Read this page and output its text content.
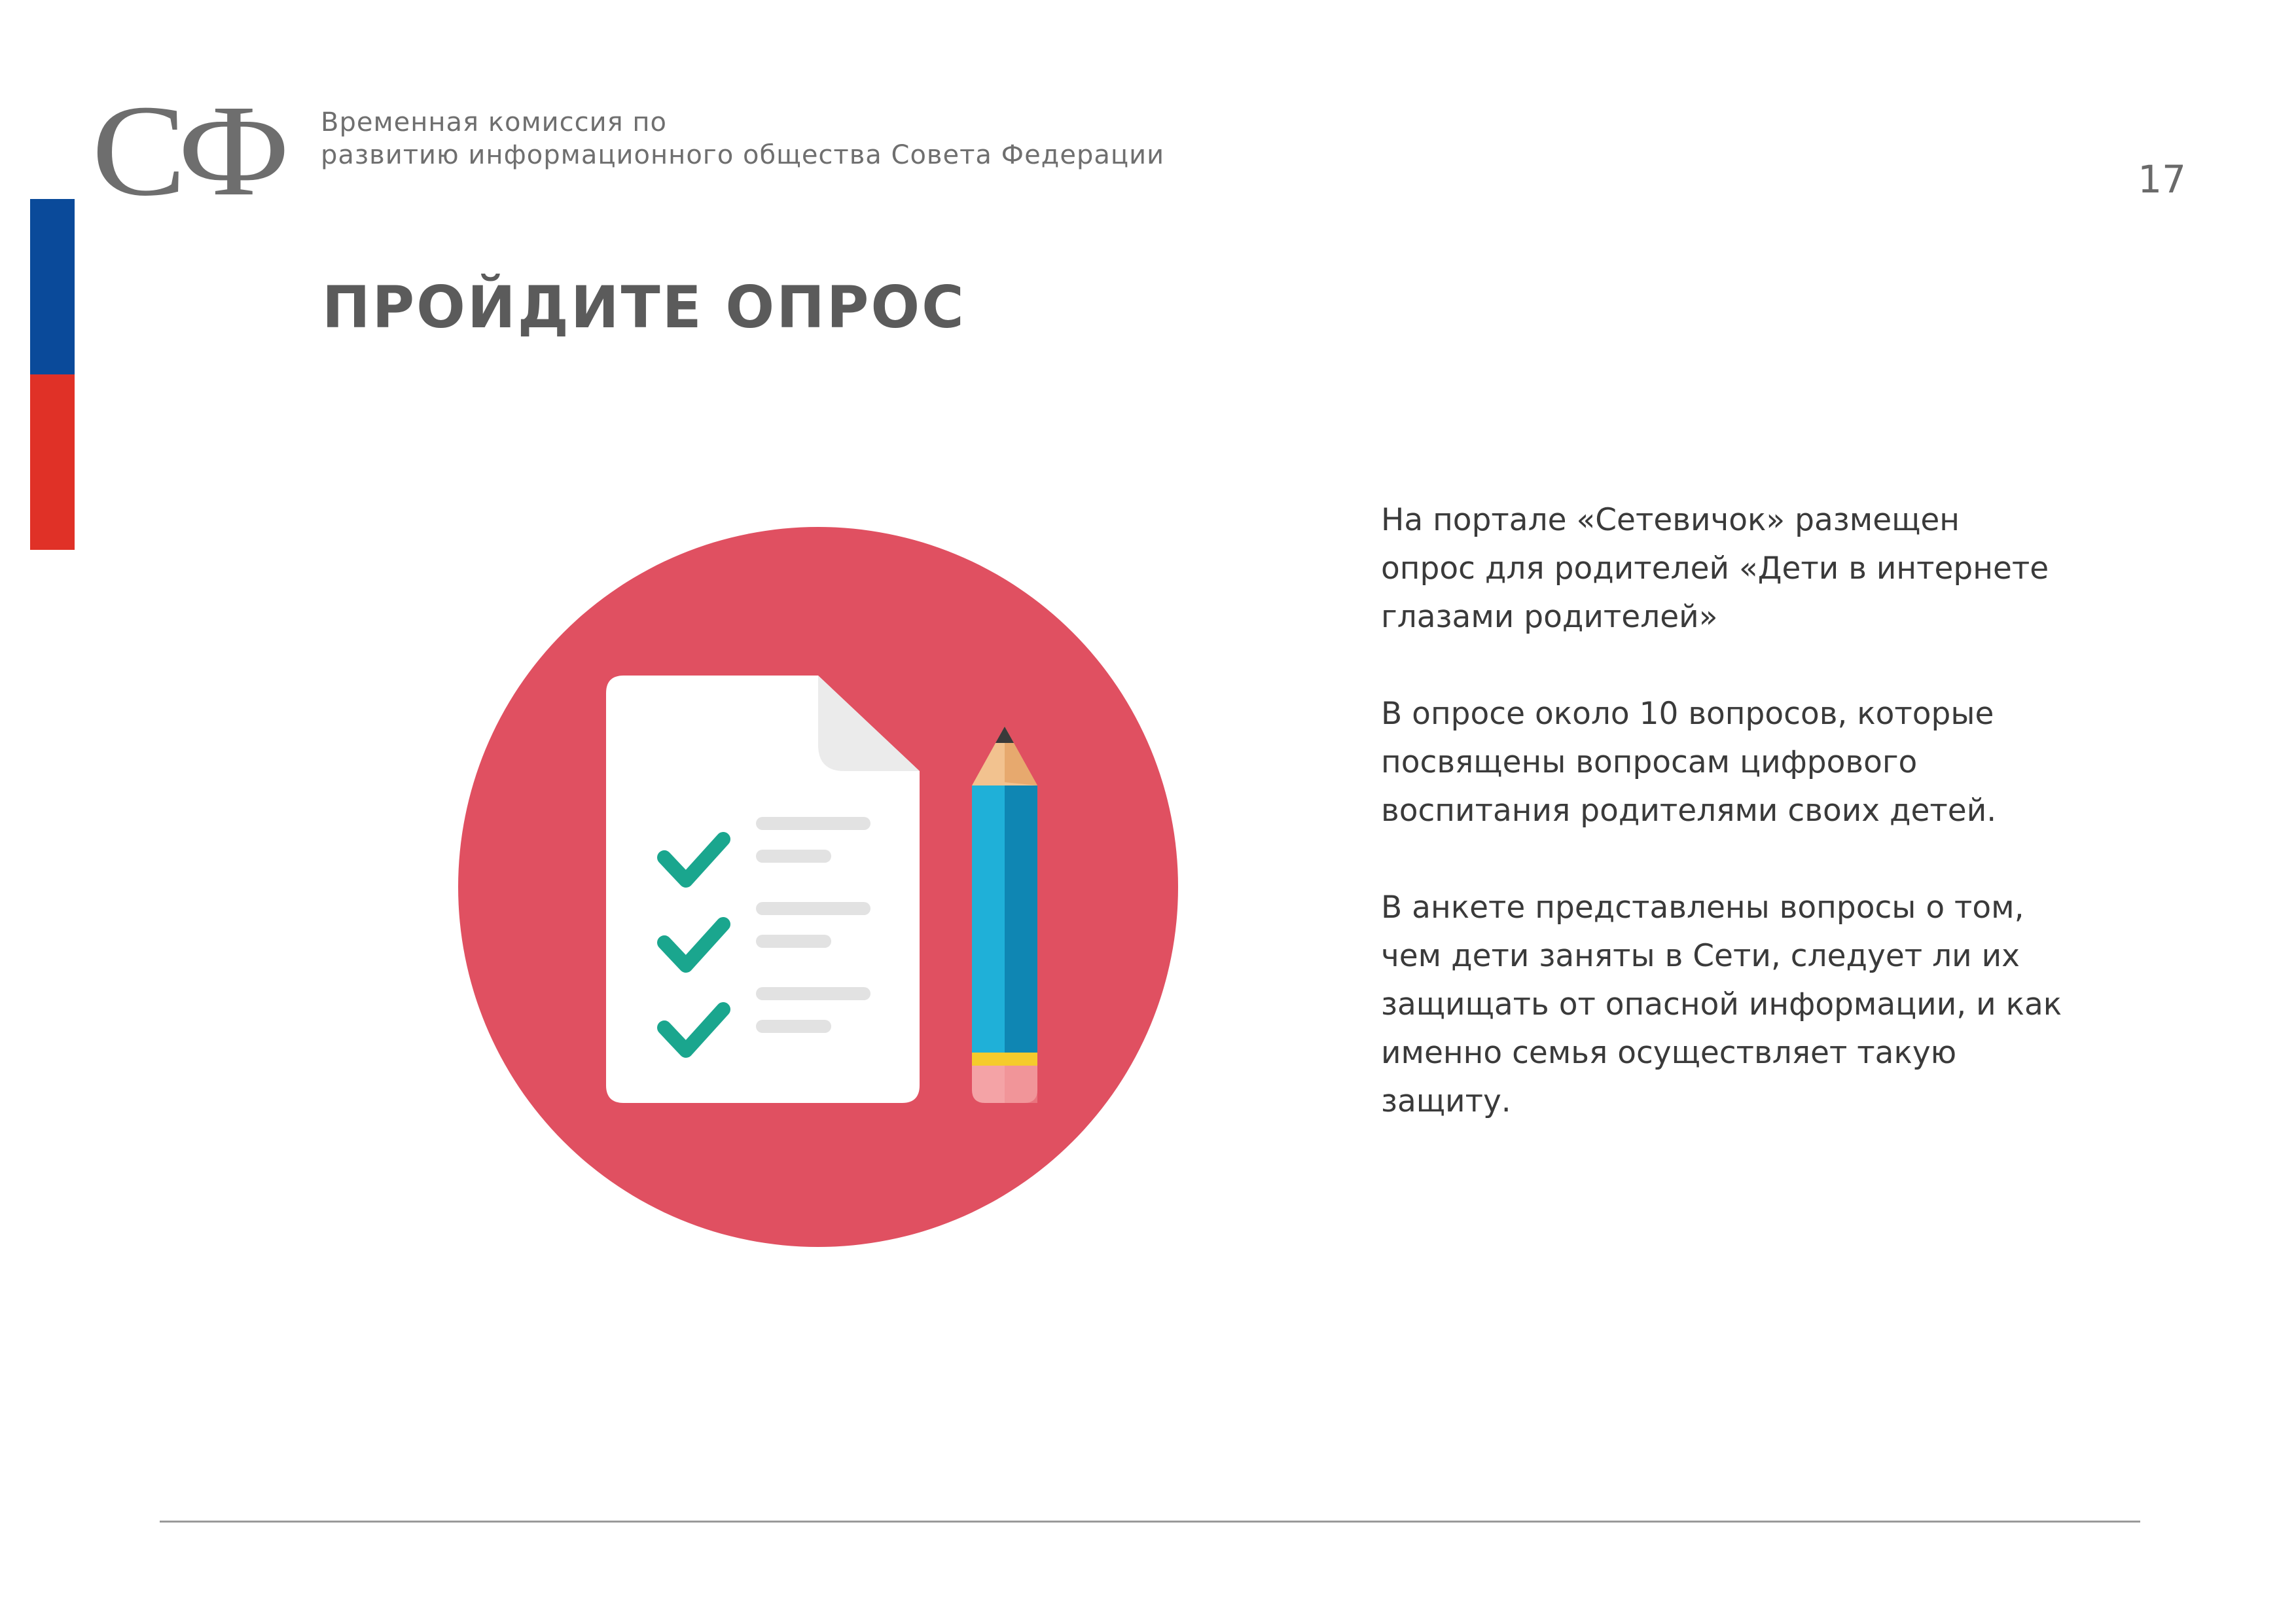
СФ Временная комиссия по
развитию информационного общества Совета Федерации
17
ПРОЙДИТЕ ОПРОС

На портале «Сетевичок» размещен
опрос для родителей «Дети в интернете
глазами родителей»

В опросе около 10 вопросов, которые
посвящены вопросам цифрового
воспитания родителями своих детей.

В анкете представлены вопросы о том,
чем дети заняты в Сети, следует ли их
защищать от опасной информации, и как
именно семья осуществляет такую
защиту.
